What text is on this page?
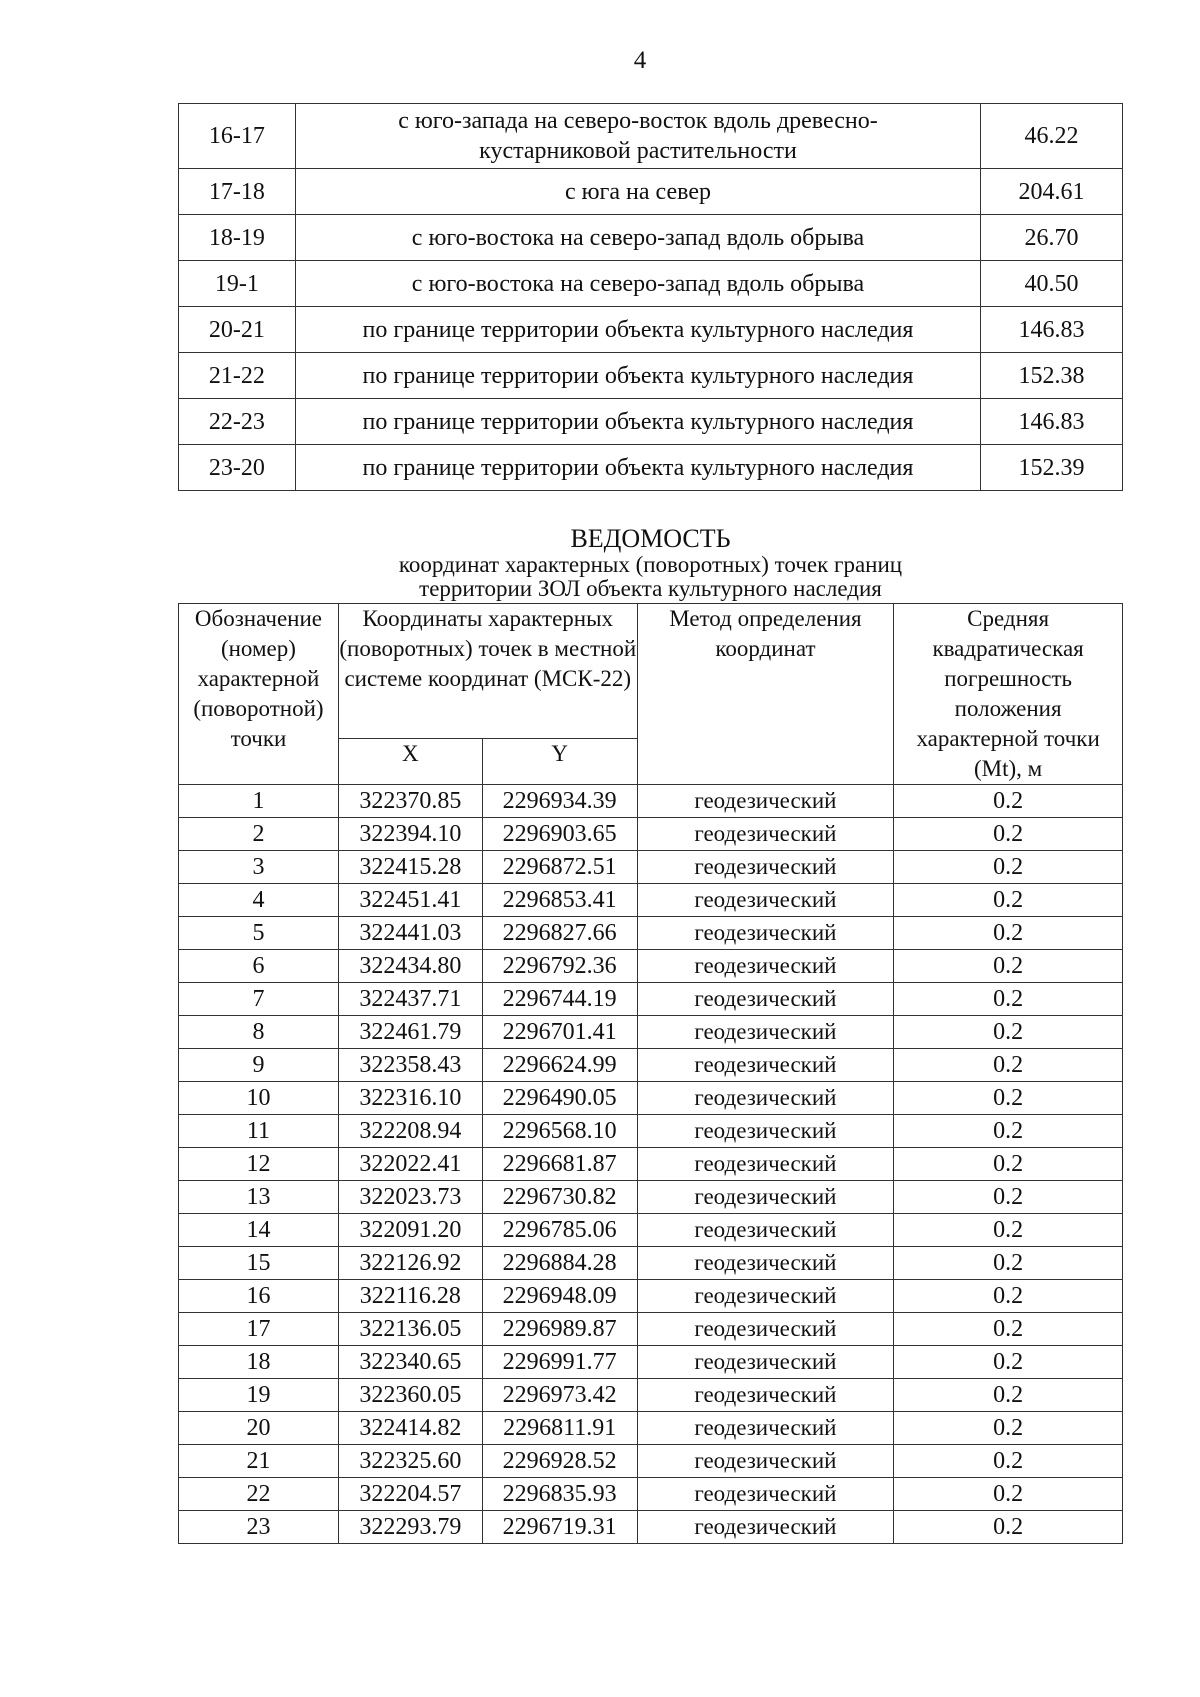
4
16-17	с юго-запада на северо-восток вдоль древесно-кустарниковой растительности	46.22
17-18	с юга на север	204.61
18-19	с юго-востока на северо-запад вдоль обрыва	26.70
19-1	с юго-востока на северо-запад вдоль обрыва	40.50
20-21	по границе территории объекта культурного наследия	146.83
21-22	по границе территории объекта культурного наследия	152.38
22-23	по границе территории объекта культурного наследия	146.83
23-20	по границе территории объекта культурного наследия	152.39
ВЕДОМОСТЬ
координат характерных (поворотных) точек границ
территории ЗОЛ объекта культурного наследия
Обозначение (номер) характерной (поворотной) точки	Координаты характерных (поворотных) точек в местной системе координат (МСК-22)		Метод определения координат	Средняя квадратическая погрешность положения характерной точки (Mt), м
	X	Y		
1	322370.85	2296934.39	геодезический	0.2
2	322394.10	2296903.65	геодезический	0.2
3	322415.28	2296872.51	геодезический	0.2
4	322451.41	2296853.41	геодезический	0.2
5	322441.03	2296827.66	геодезический	0.2
6	322434.80	2296792.36	геодезический	0.2
7	322437.71	2296744.19	геодезический	0.2
8	322461.79	2296701.41	геодезический	0.2
9	322358.43	2296624.99	геодезический	0.2
10	322316.10	2296490.05	геодезический	0.2
11	322208.94	2296568.10	геодезический	0.2
12	322022.41	2296681.87	геодезический	0.2
13	322023.73	2296730.82	геодезический	0.2
14	322091.20	2296785.06	геодезический	0.2
15	322126.92	2296884.28	геодезический	0.2
16	322116.28	2296948.09	геодезический	0.2
17	322136.05	2296989.87	геодезический	0.2
18	322340.65	2296991.77	геодезический	0.2
19	322360.05	2296973.42	геодезический	0.2
20	322414.82	2296811.91	геодезический	0.2
21	322325.60	2296928.52	геодезический	0.2
22	322204.57	2296835.93	геодезический	0.2
23	322293.79	2296719.31	геодезический	0.2
